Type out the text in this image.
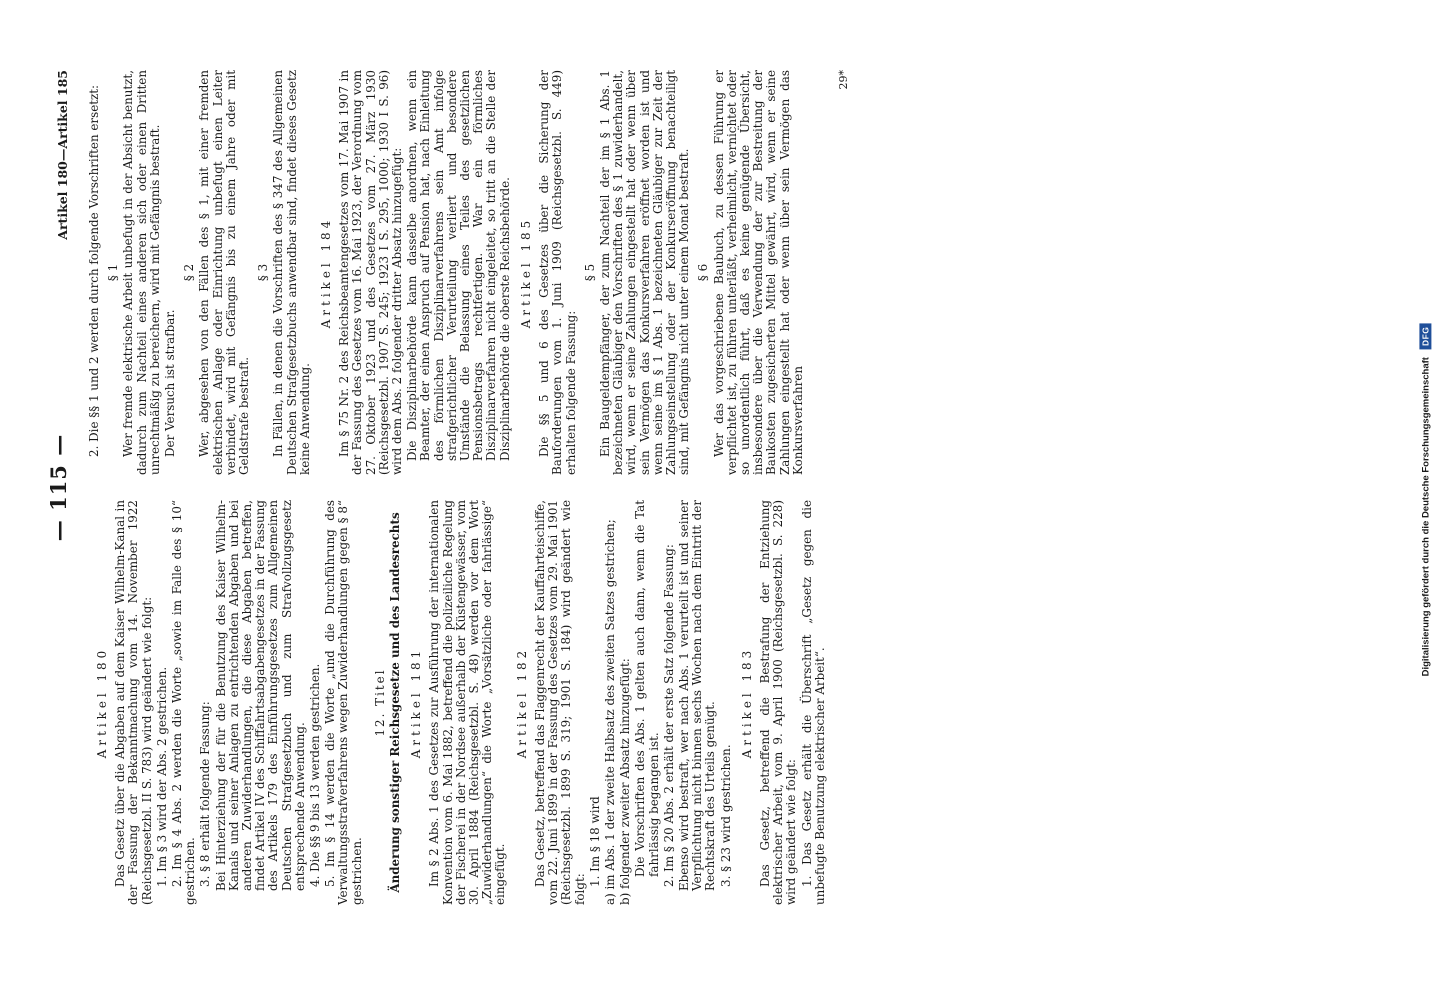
— 115 —
Artikel 180—Artikel 185
Artikel 180 Das Gesetz über die Abgaben auf dem Kaiser Wilhelm-Kanal in der Fassung der Bekanntmachung vom 14. November 1922 (Reichsgesetzbl. II S. 783) wird geändert wie folgt: 1. Im § 3 wird der Abs. 2 gestrichen. 2. Im § 4 Abs. 2 werden die Worte „sowie im Falle des § 10“ gestrichen. 3. § 8 erhält folgende Fassung: Bei Hinterziehung der für die Benutzung des Kaiser Wilhelm-Kanals und seiner Anlagen zu entrichtenden Abgaben und bei anderen Zuwiderhandlungen, die diese Abgaben betreffen, findet Artikel IV des Schiffahrtsabgabengesetzes in der Fassung des Artikels 179 des Einführungsgesetzes zum Allgemeinen Deutschen Strafgesetzbuch und zum Strafvollzugsgesetz entsprechende Anwendung. 4. Die §§ 9 bis 13 werden gestrichen. 5. Im § 14 werden die Worte „und die Durchführung des Verwaltungsstrafverfahrens wegen Zuwiderhandlungen gegen § 8“ gestrichen.

12. Titel Änderung sonstiger Reichsgesetze und des Landesrechts Artikel 181 Im § 2 Abs. 1 des Gesetzes zur Ausführung der internationalen Konvention vom 6. Mai 1882, betreffend die polizeiliche Regelung der Fischerei in der Nordsee außerhalb der Küstengewässer, vom 30. April 1884 (Reichsgesetzbl. S. 48) werden vor dem Wort „Zuwiderhandlungen“ die Worte „Vorsätzliche oder fahrlässige“ eingefügt.

Artikel 182 Das Gesetz, betreffend das Flaggenrecht der Kauffahrteischiffe, vom 22. Juni 1899 in der Fassung des Gesetzes vom 29. Mai 1901 (Reichsgesetzbl. 1899 S. 319; 1901 S. 184) wird geändert wie folgt:

1. Im § 18 wird a) im Abs. 1 der zweite Halbsatz des zweiten Satzes gestrichen; b) folgender zweiter Absatz hinzugefügt: Die Vorschriften des Abs. 1 gelten auch dann, wenn die Tat fahrlässig begangen ist. 2. Im § 20 Abs. 2 erhält der erste Satz folgende Fassung: Ebenso wird bestraft, wer nach Abs. 1 verurteilt ist und seiner Verpflichtung nicht binnen sechs Wochen nach dem Eintritt der Rechtskraft des Urteils genügt. 3. § 23 wird gestrichen.

Artikel 183 Das Gesetz, betreffend die Bestrafung der Entziehung elektrischer Arbeit, vom 9. April 1900 (Reichsgesetzbl. S. 228) wird geändert wie folgt: 1. Das Gesetz erhält die Überschrift „Gesetz gegen die unbefugte Benutzung elektrischer Arbeit“.

2. Die §§ 1 und 2 werden durch folgende Vorschriften ersetzt: § 1 Wer fremde elektrische Arbeit unbefugt in der Absicht benutzt, dadurch zum Nachteil eines anderen sich oder einen Dritten unrechtmäßig zu bereichern, wird mit Gefängnis bestraft. Der Versuch ist strafbar.

§ 2 Wer, abgesehen von den Fällen des § 1, mit einer fremden elektrischen Anlage oder Einrichtung unbefugt einen Leiter verbindet, wird mit Gefängnis bis zu einem Jahre oder mit Geldstrafe bestraft.

§ 3 In Fällen, in denen die Vorschriften des § 347 des Allgemeinen Deutschen Strafgesetzbuchs anwendbar sind, findet dieses Gesetz keine Anwendung.

Artikel 184 Im § 75 Nr. 2 des Reichsbeamtengesetzes vom 17. Mai 1907 in der Fassung des Gesetzes vom 16. Mai 1923, der Verordnung vom 27. Oktober 1923 und des Gesetzes vom 27. März 1930 (Reichsgesetzbl. 1907 S. 245; 1923 I S. 295, 1000; 1930 I S. 96) wird dem Abs. 2 folgender dritter Absatz hinzugefügt: Die Disziplinarbehörde kann dasselbe anordnen, wenn ein Beamter, der einen Anspruch auf Pension hat, nach Einleitung des förmlichen Disziplinarverfahrens sein Amt infolge strafgerichtlicher Verurteilung verliert und besondere Umstände die Belassung eines Teiles des gesetzlichen Pensionsbetrags rechtfertigen. War ein förmliches Disziplinarverfahren nicht eingeleitet, so tritt an die Stelle der Disziplinarbehörde die oberste Reichsbehörde. Artikel 185 Die §§ 5 und 6 des Gesetzes über die Sicherung der Bauforderungen vom 1. Juni 1909 (Reichsgesetzbl. S. 449) erhalten folgende Fassung:

§ 5 Ein Baugeldempfänger, der zum Nachteil der im § 1 Abs. 1 bezeichneten Gläubiger den Vorschriften des § 1 zuwiderhandelt, wird, wenn er seine Zahlungen eingestellt hat oder wenn über sein Vermögen das Konkursverfahren eröffnet worden ist und wenn seine im § 1 Abs. 1 bezeichneten Gläubiger zur Zeit der Zahlungseinstellung oder der Konkurseröffnung benachteiligt sind, mit Gefängnis nicht unter einem Monat bestraft. § 6 Wer das vorgeschriebene Baubuch, zu dessen Führung er verpflichtet ist, zu führen unterläßt, verheimlicht, vernichtet oder so unordentlich führt, daß es keine genügende Übersicht, insbesondere über die Verwendung der zur Bestreitung der Baukosten zugesicherten Mittel gewährt, wird, wenn er seine Zahlungen eingestellt hat oder wenn über sein Vermögen das Konkursverfahren

29*
Digitalisierung gefördert durch die Deutsche Forschungsgemeinschaft
DFG
